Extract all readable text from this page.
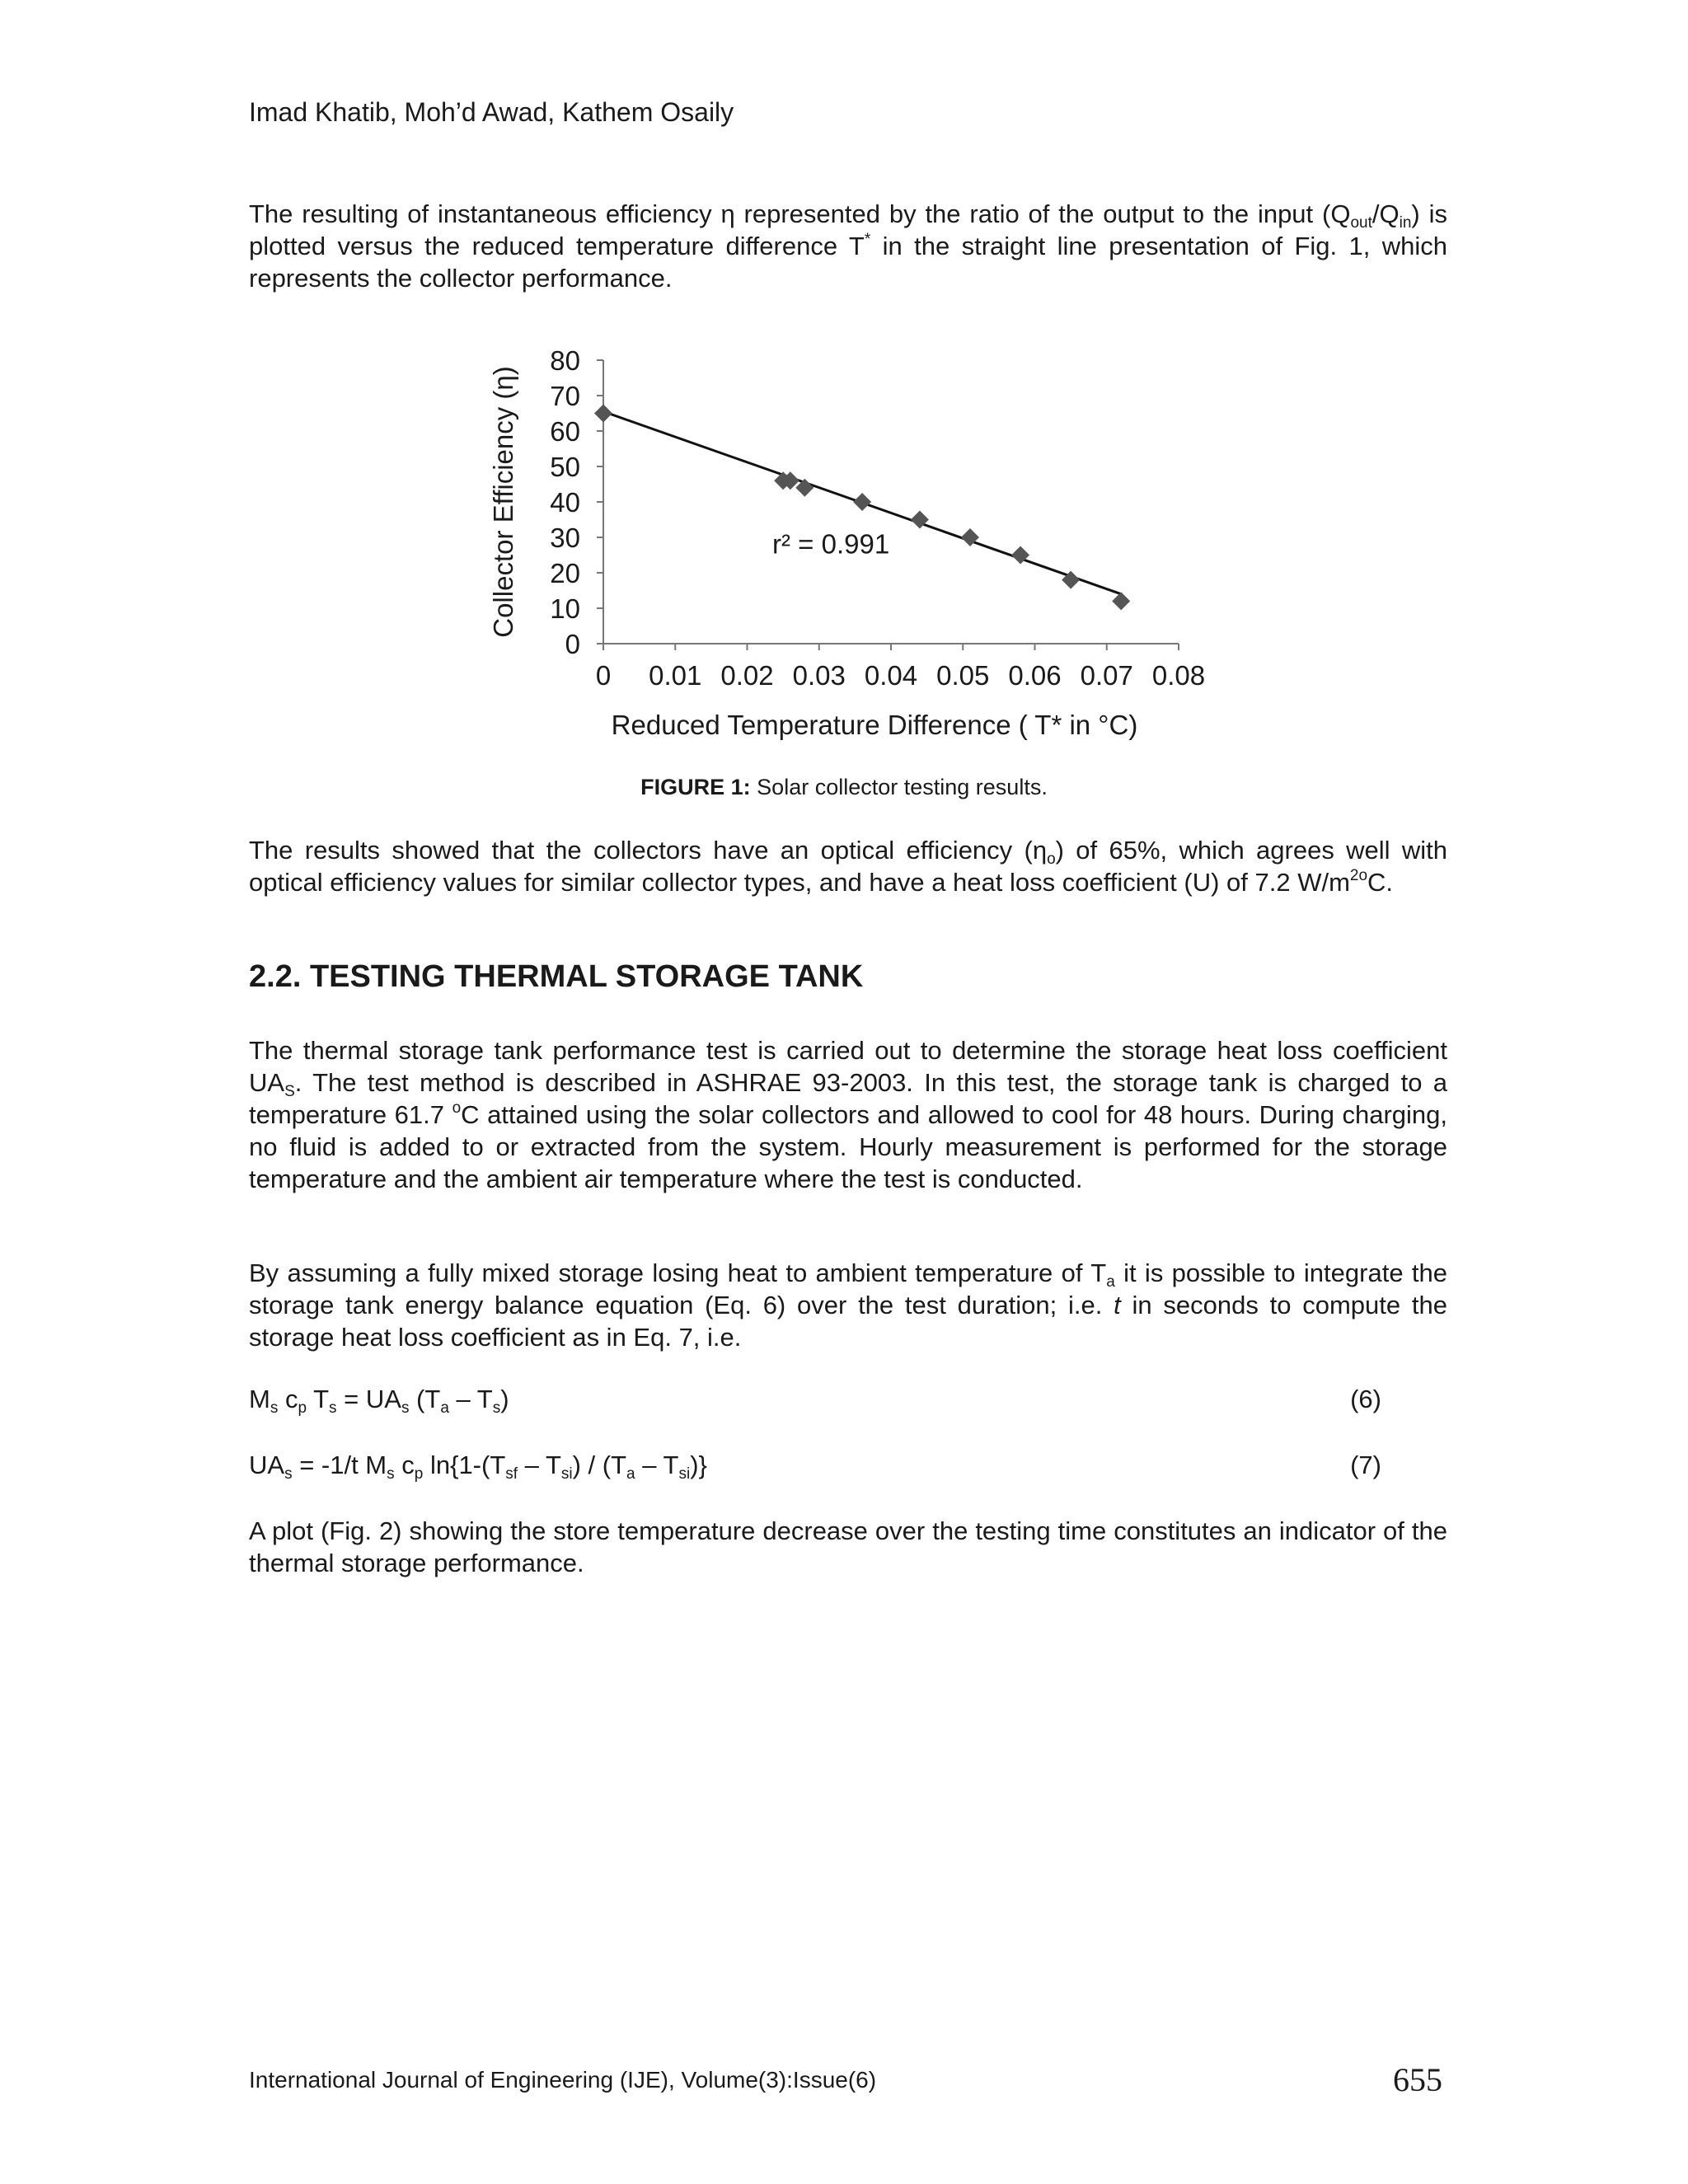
Imad Khatib, Moh’d Awad, Kathem Osaily
The resulting of instantaneous efficiency η represented by the ratio of the output to the input $(Q_{out}/Q_{in})$ is plotted versus the reduced temperature difference T* in the straight line presentation of Fig. 1, which represents the collector performance.
0
10
20
30
40
50
60
70
80
0 0.01 0.02 0.03 0.04 0.05 0.06 0.07 0.08
r² = 0.991
Reduced Temperature Difference ( T* in °C)
Collector Efficiency (η)
FIGURE 1: Solar collector testing results.
The results showed that the collectors have an optical efficiency $(\eta_o)$ of 65%, which agrees well with optical efficiency values for similar collector types, and have a heat loss coefficient (U) of 7.2 $W/m^{2o}C$.
2.2. TESTING THERMAL STORAGE TANK
The thermal storage tank performance test is carried out to determine the storage heat loss coefficient $UA_S$. The test method is described in ASHRAE 93-2003. In this test, the storage tank is charged to a temperature 61.7 $^o$C attained using the solar collectors and allowed to cool for 48 hours. During charging, no fluid is added to or extracted from the system. Hourly measurement is performed for the storage temperature and the ambient air temperature where the test is conducted.
By assuming a fully mixed storage losing heat to ambient temperature of $T_a$ it is possible to integrate the storage tank energy balance equation (Eq. 6) over the test duration; i.e. t in seconds to compute the storage heat loss coefficient as in Eq. 7, i.e.
$M_s$ $c_p$ $T_s = UA_s$ $(T_a - T_s)$	(6)
$UA_s = -1/t$ $M_s$ $c_p$ $\ln\{1-(T_{sf} - T_{si}) / (T_a - T_{si})\}$	(7)
A plot (Fig. 2) showing the store temperature decrease over the testing time constitutes an indicator of the thermal storage performance.
International Journal of Engineering (IJE), Volume(3):Issue(6)	655
